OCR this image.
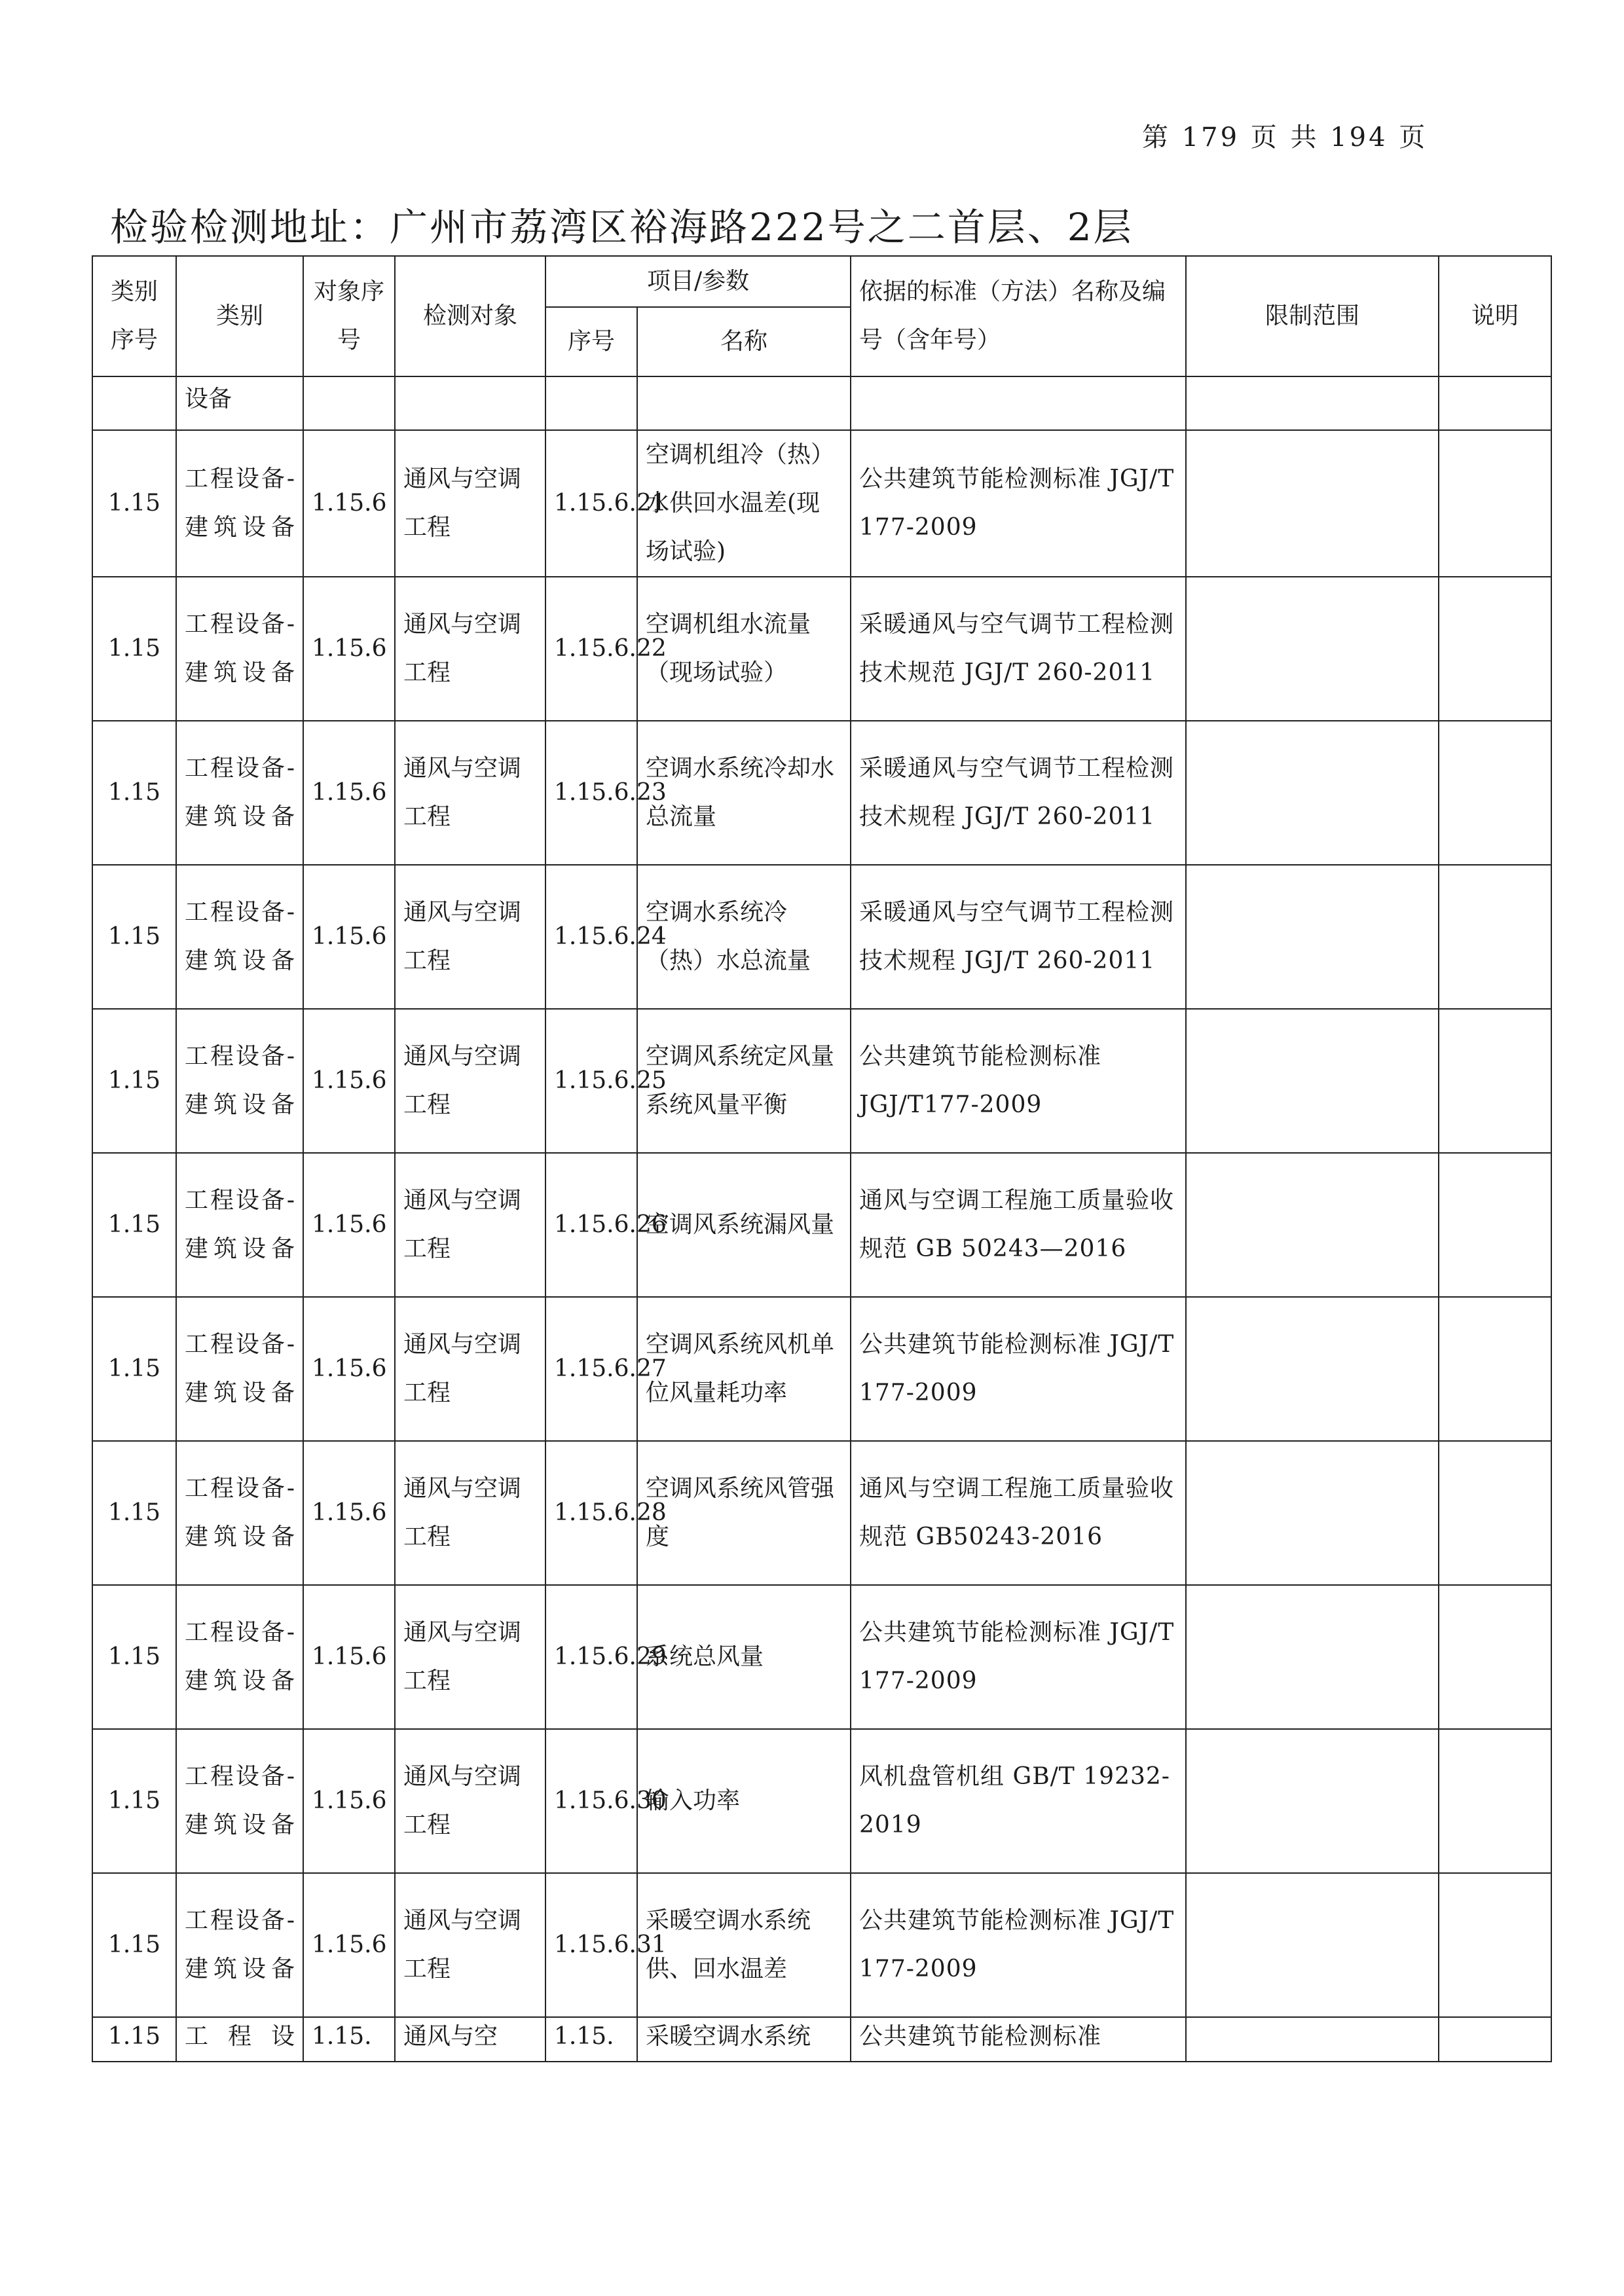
第 179 页 共 194 页
检验检测地址：广州市荔湾区裕海路222号之二首层、2层
类别序号	类别	对象序号	检测对象	项目/参数		依据的标准（方法）名称及编号（含年号）	限制范围	说明
				序号	名称			
	设备							
1.15	工程设备-建筑设备	1.15.6	通风与空调工程	1.15.6.21	空调机组冷（热）水供回水温差(现场试验)	公共建筑节能检测标准 JGJ/T 177-2009		
1.15	工程设备-建筑设备	1.15.6	通风与空调工程	1.15.6.22	空调机组水流量（现场试验）	采暖通风与空气调节工程检测技术规范 JGJ/T 260-2011		
1.15	工程设备-建筑设备	1.15.6	通风与空调工程	1.15.6.23	空调水系统冷却水总流量	采暖通风与空气调节工程检测技术规程 JGJ/T 260-2011		
1.15	工程设备-建筑设备	1.15.6	通风与空调工程	1.15.6.24	空调水系统冷（热）水总流量	采暖通风与空气调节工程检测技术规程 JGJ/T 260-2011		
1.15	工程设备-建筑设备	1.15.6	通风与空调工程	1.15.6.25	空调风系统定风量系统风量平衡	公共建筑节能检测标准 JGJ/T177-2009		
1.15	工程设备-建筑设备	1.15.6	通风与空调工程	1.15.6.26	空调风系统漏风量	通风与空调工程施工质量验收规范 GB 50243—2016		
1.15	工程设备-建筑设备	1.15.6	通风与空调工程	1.15.6.27	空调风系统风机单位风量耗功率	公共建筑节能检测标准 JGJ/T 177-2009		
1.15	工程设备-建筑设备	1.15.6	通风与空调工程	1.15.6.28	空调风系统风管强度	通风与空调工程施工质量验收规范 GB50243-2016		
1.15	工程设备-建筑设备	1.15.6	通风与空调工程	1.15.6.29	系统总风量	公共建筑节能检测标准 JGJ/T 177-2009		
1.15	工程设备-建筑设备	1.15.6	通风与空调工程	1.15.6.30	输入功率	风机盘管机组 GB/T 19232-2019		
1.15	工程设备-建筑设备	1.15.6	通风与空调工程	1.15.6.31	采暖空调水系统供、回水温差	公共建筑节能检测标准 JGJ/T 177-2009		
1.15	工程设	1.15.	通风与空	1.15.	采暖空调水系统	公共建筑节能检测标准		
